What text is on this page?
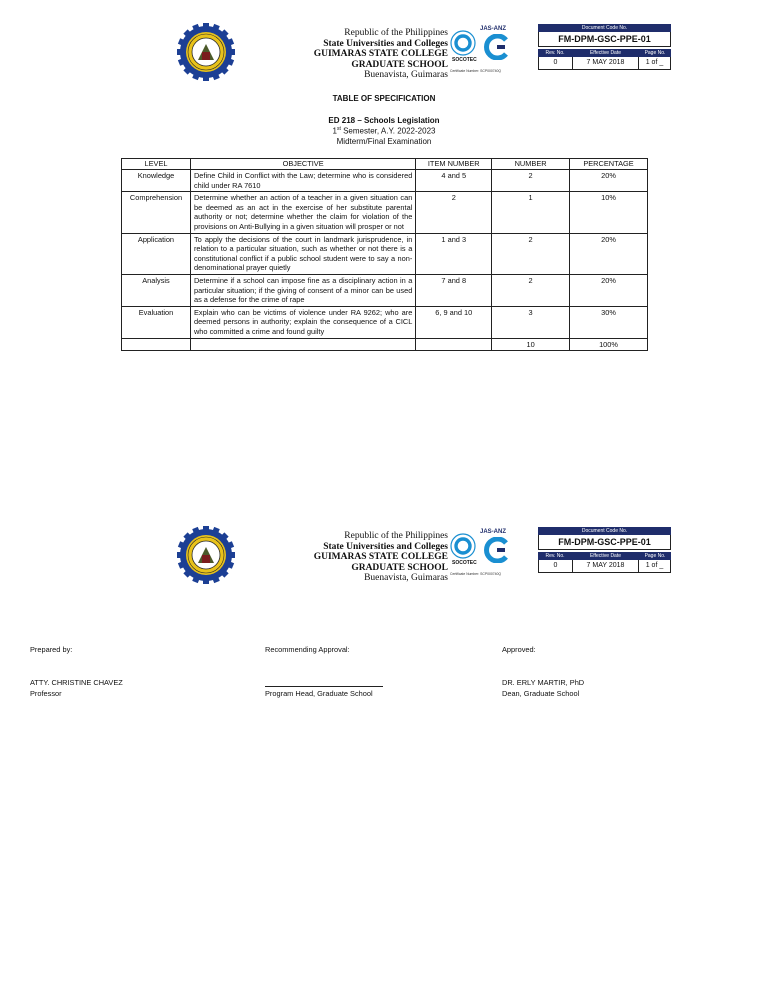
Republic of the Philippines
State Universities and Colleges
GUIMARAS STATE COLLEGE
GRADUATE SCHOOL
Buenavista, Guimaras
JAS-ANZ
SOCOTEC
Certificate Number: SCP000740Q
Document Code No.
FM-DPM-GSC-PPE-01
Rev. No.	Effective Date	Page No.
0	7 MAY 2018	1 of _
TABLE OF SPECIFICATION
ED 218 – Schools Legislation
1st Semester, A.Y. 2022-2023
Midterm/Final Examination
LEVEL	OBJECTIVE	ITEM NUMBER	NUMBER	PERCENTAGE
Knowledge	Define Child in Conflict with the Law; determine who is considered child under RA 7610	4 and 5	2	20%
Comprehension	Determine whether an action of a teacher in a given situation can be deemed as an act in the exercise of her substitute parental authority or not; determine whether the claim for violation of the provisions on Anti-Bullying in a given situation will prosper or not	2	1	10%
Application	To apply the decisions of the court in landmark jurisprudence, in relation to a particular situation, such as whether or not there is a constitutional conflict if a public school student were to say a non-denominational prayer quietly	1 and 3	2	20%
Analysis	Determine if a school can impose fine as a disciplinary action in a particular situation; if the giving of consent of a minor can be used as a defense for the crime of rape	7 and 8	2	20%
Evaluation	Explain who can be victims of violence under RA 9262; who are deemed persons in authority; explain the consequence of a CICL who committed a crime and found guilty	6, 9 and 10	3	30%
			10	100%
Republic of the Philippines
State Universities and Colleges
GUIMARAS STATE COLLEGE
GRADUATE SCHOOL
Buenavista, Guimaras
JAS-ANZ
SOCOTEC
Certificate Number: SCP000740Q
Document Code No.
FM-DPM-GSC-PPE-01
Rev. No.	Effective Date	Page No.
0	7 MAY 2018	1 of _
Prepared by:
ATTY. CHRISTINE CHAVEZ
Professor
Recommending Approval:
Program Head, Graduate School
Approved:
DR. ERLY MARTIR, PhD
Dean, Graduate School
